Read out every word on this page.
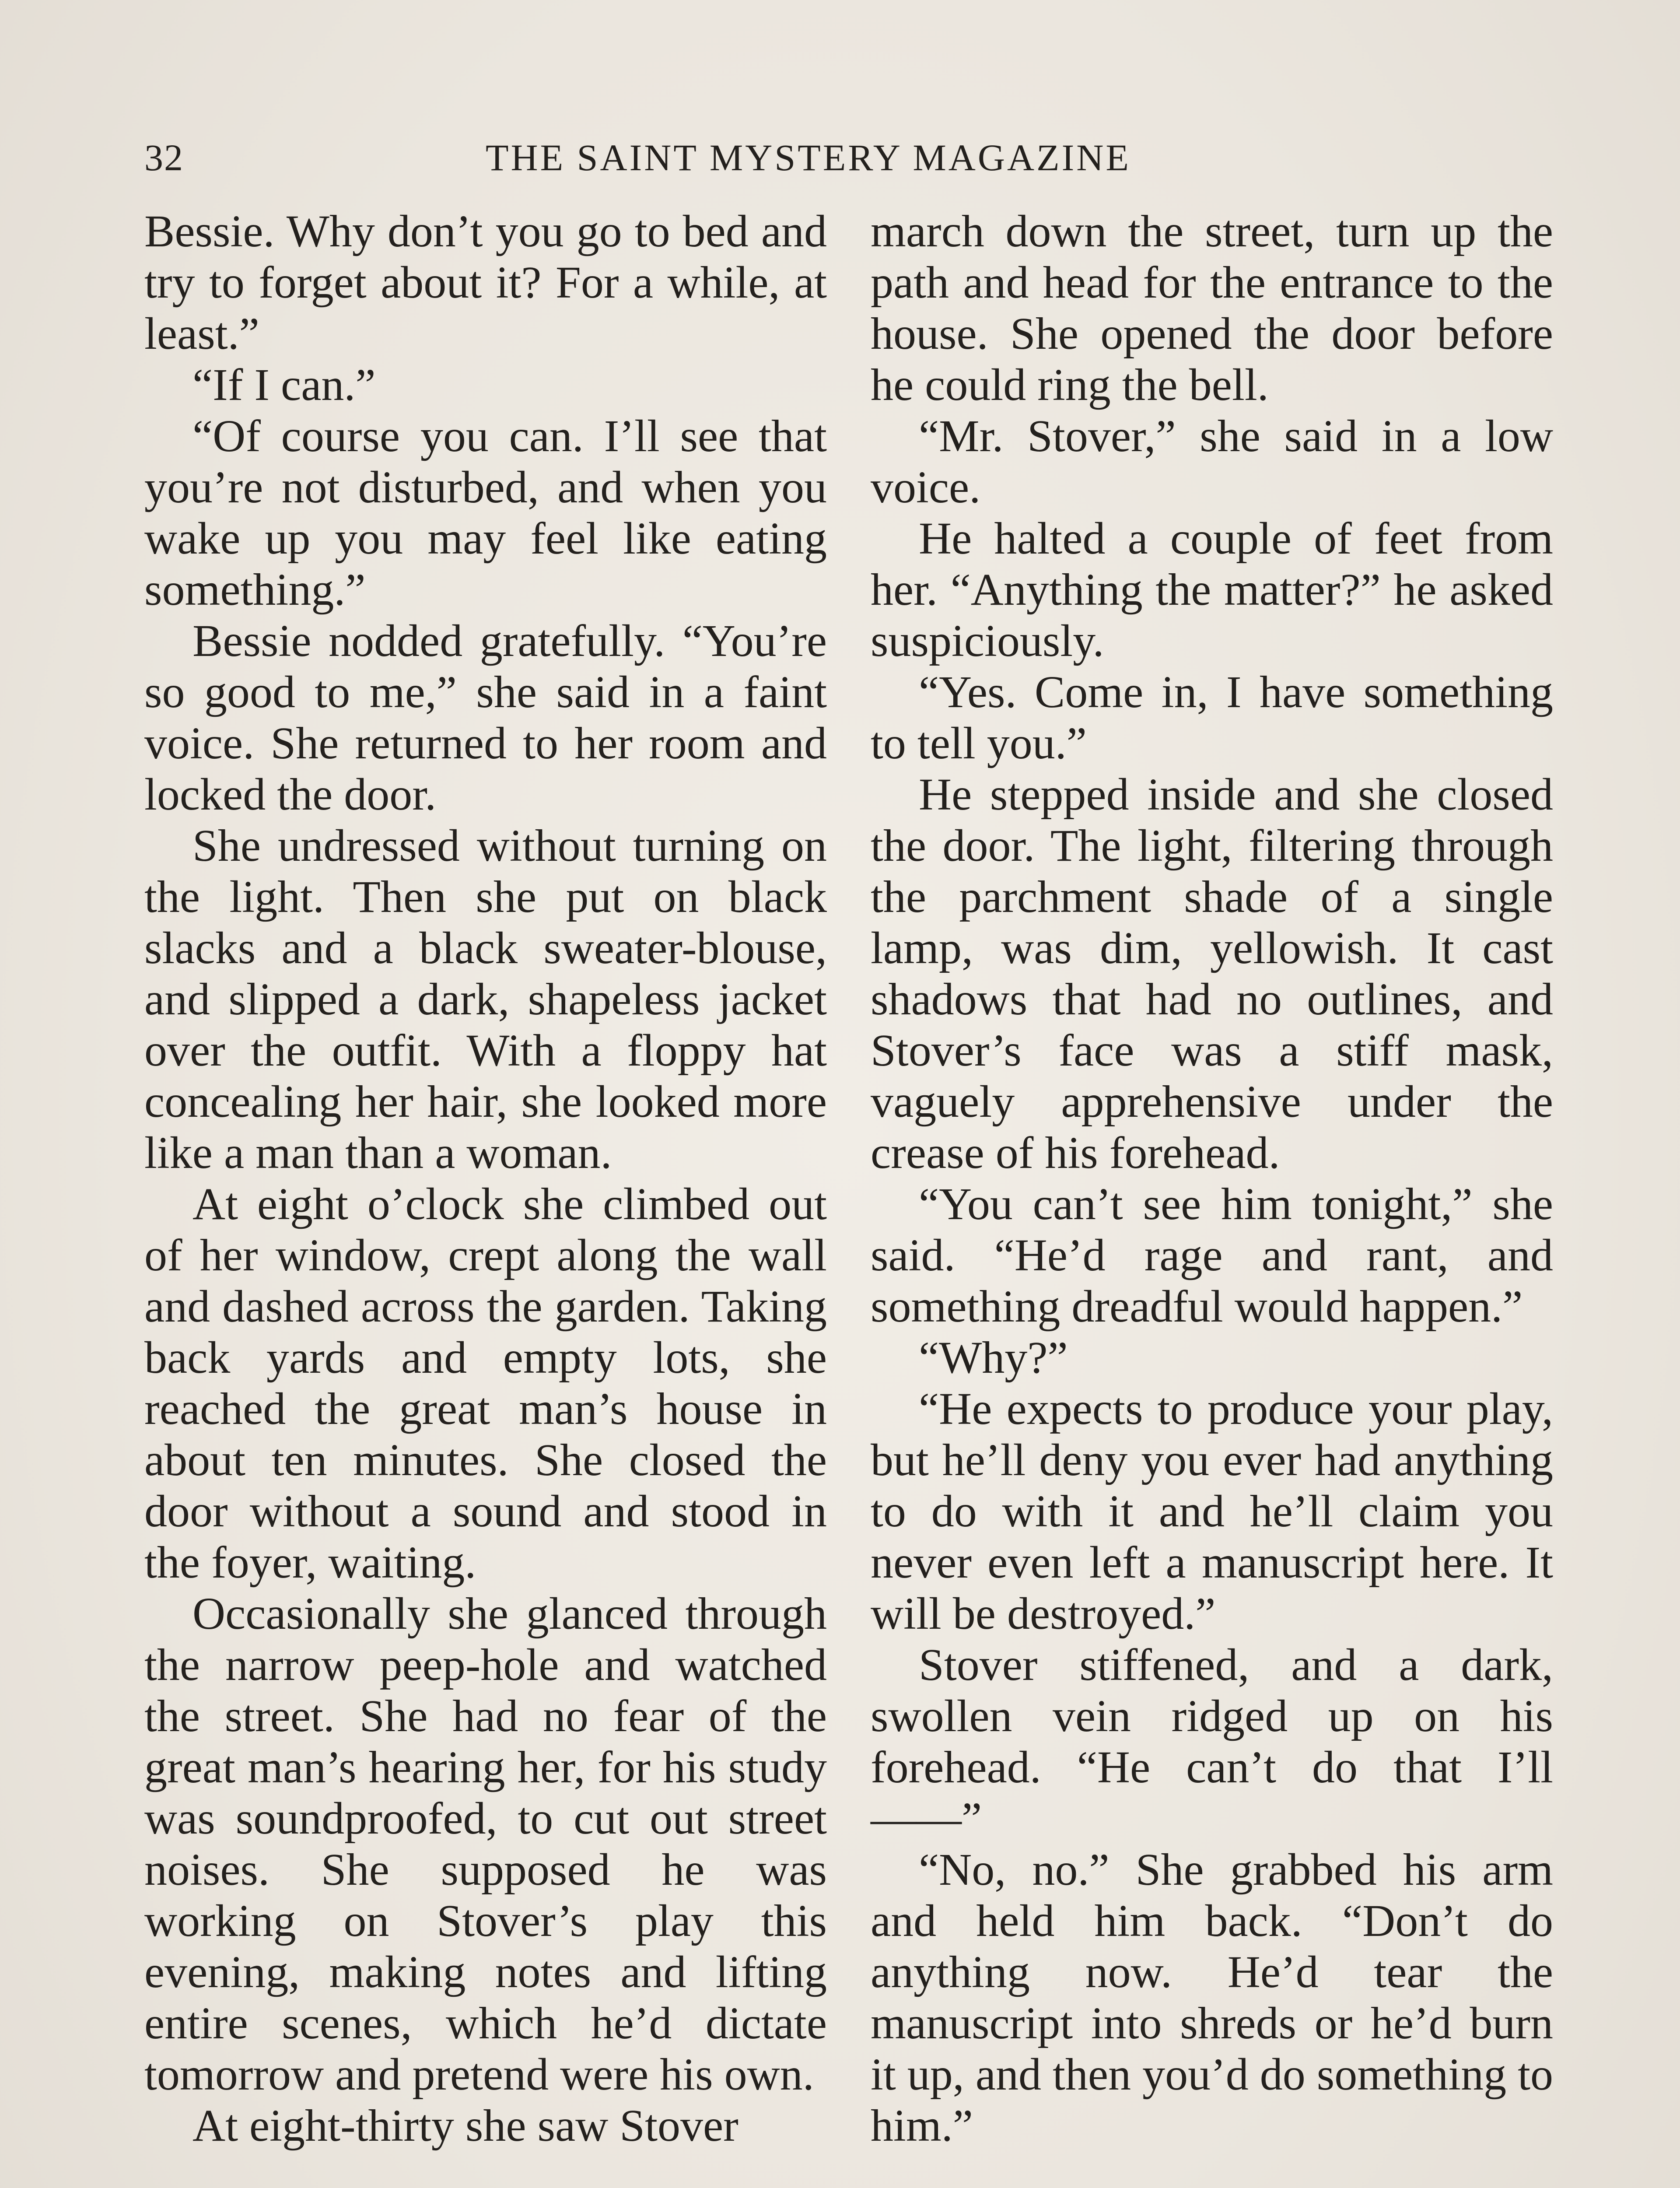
32	THE SAINT MYSTERY MAGAZINE

Bessie. Why don’t you go to bed and try to forget about it? For a while, at least.”

“If I can.”

“Of course you can. I’ll see that you’re not disturbed, and when you wake up you may feel like eating something.”

Bessie nodded gratefully. “You’re so good to me,” she said in a faint voice. She returned to her room and locked the door.

She undressed without turning on the light. Then she put on black slacks and a black sweater-blouse, and slipped a dark, shapeless jacket over the outfit. With a floppy hat concealing her hair, she looked more like a man than a woman.

At eight o’clock she climbed out of her window, crept along the wall and dashed across the garden. Taking back yards and empty lots, she reached the great man’s house in about ten minutes. She closed the door without a sound and stood in the foyer, waiting.

Occasionally she glanced through the narrow peep-hole and watched the street. She had no fear of the great man’s hearing her, for his study was soundproofed, to cut out street noises. She supposed he was working on Stover’s play this evening, making notes and lifting entire scenes, which he’d dictate tomorrow and pretend were his own.

At eight-thirty she saw Stover

march down the street, turn up the path and head for the entrance to the house. She opened the door before he could ring the bell.

“Mr. Stover,” she said in a low voice.

He halted a couple of feet from her. “Anything the matter?” he asked suspiciously.

“Yes. Come in, I have something to tell you.”

He stepped inside and she closed the door. The light, filtering through the parchment shade of a single lamp, was dim, yellowish. It cast shadows that had no outlines, and Stover’s face was a stiff mask, vaguely apprehensive under the crease of his forehead.

“You can’t see him tonight,” she said. “He’d rage and rant, and something dreadful would happen.”

“Why?”

“He expects to produce your play, but he’ll deny you ever had anything to do with it and he’ll claim you never even left a manuscript here. It will be destroyed.”

Stover stiffened, and a dark, swollen vein ridged up on his forehead. “He can’t do that I’ll ——”

“No, no.” She grabbed his arm and held him back. “Don’t do anything now. He’d tear the manuscript into shreds or he’d burn it up, and then you’d do something to him.”
